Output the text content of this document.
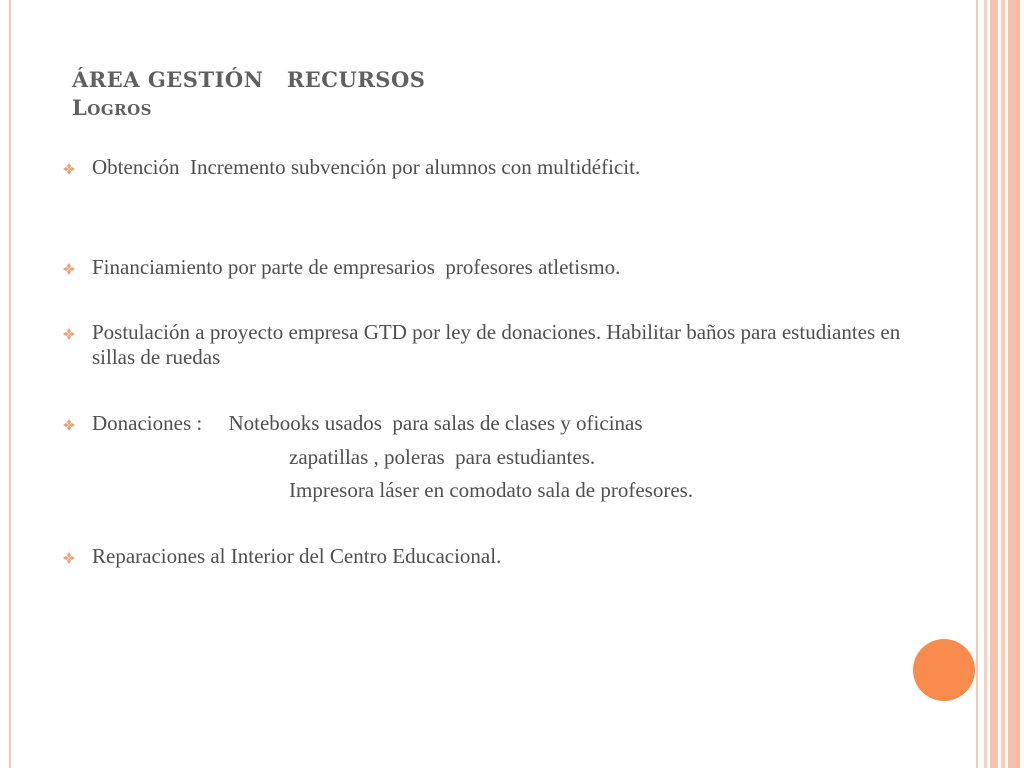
ÁREA GESTIÓN   RECURSOS
Logros
Obtención  Incremento subvención por alumnos con multidéficit.
Financiamiento por parte de empresarios  profesores atletismo.
Postulación a proyecto empresa GTD por ley de donaciones. Habilitar baños para estudiantes en sillas de ruedas
Donaciones :     Notebooks usados  para salas de clases y oficinas
zapatillas , poleras  para estudiantes.
Impresora láser en comodato sala de profesores.
Reparaciones al Interior del Centro Educacional.
